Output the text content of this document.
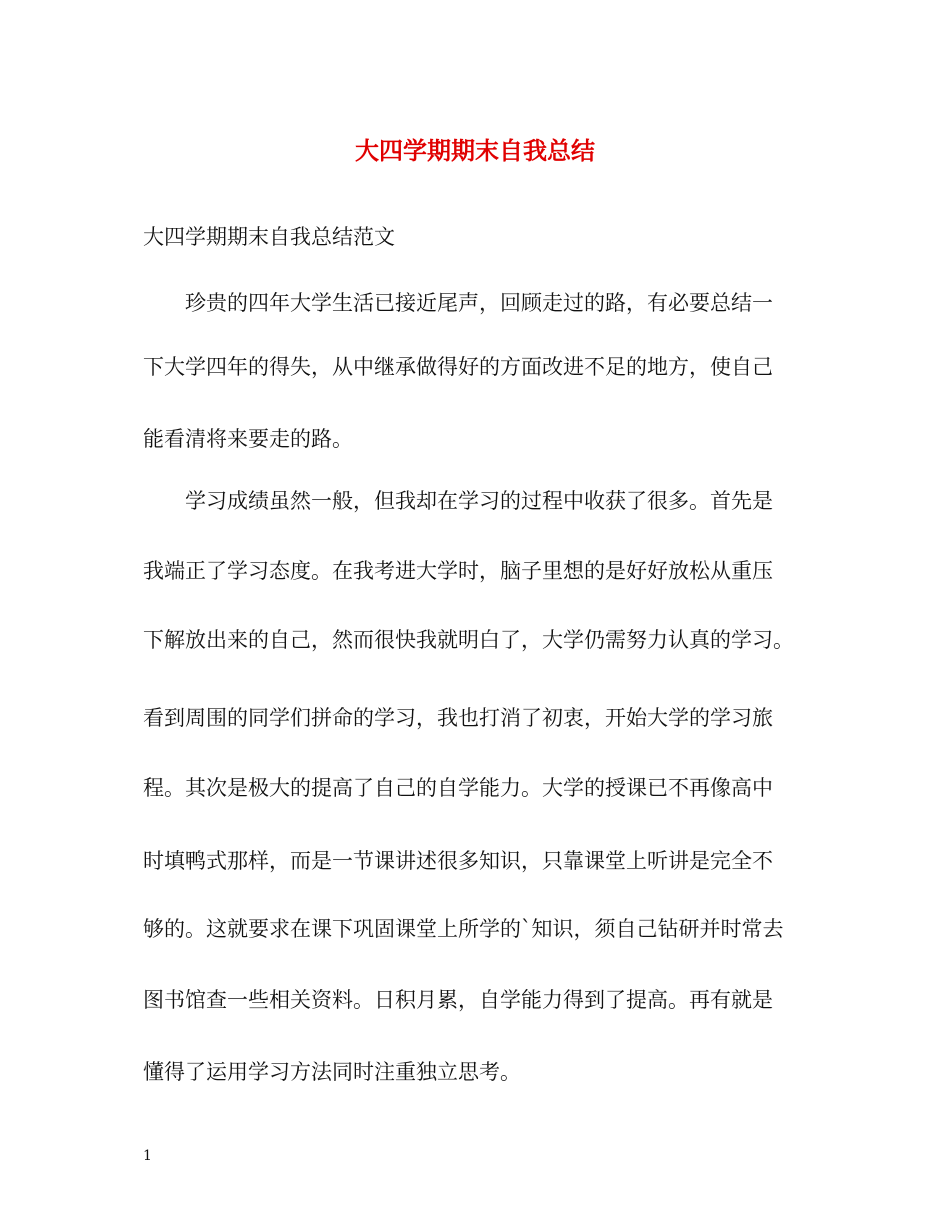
大四学期期末自我总结

大四学期期末自我总结范文

　　珍贵的四年大学生活已接近尾声，回顾走过的路，有必要总结一

下大学四年的得失，从中继承做得好的方面改进不足的地方，使自己

能看清将来要走的路。

　　学习成绩虽然一般，但我却在学习的过程中收获了很多。首先是

我端正了学习态度。在我考进大学时，脑子里想的是好好放松从重压

下解放出来的自己，然而很快我就明白了，大学仍需努力认真的学习。

看到周围的同学们拼命的学习，我也打消了初衷，开始大学的学习旅

程。其次是极大的提高了自己的自学能力。大学的授课已不再像高中

时填鸭式那样，而是一节课讲述很多知识，只靠课堂上听讲是完全不

够的。这就要求在课下巩固课堂上所学的`知识，须自己钻研并时常去

图书馆查一些相关资料。日积月累，自学能力得到了提高。再有就是

懂得了运用学习方法同时注重独立思考。

1
